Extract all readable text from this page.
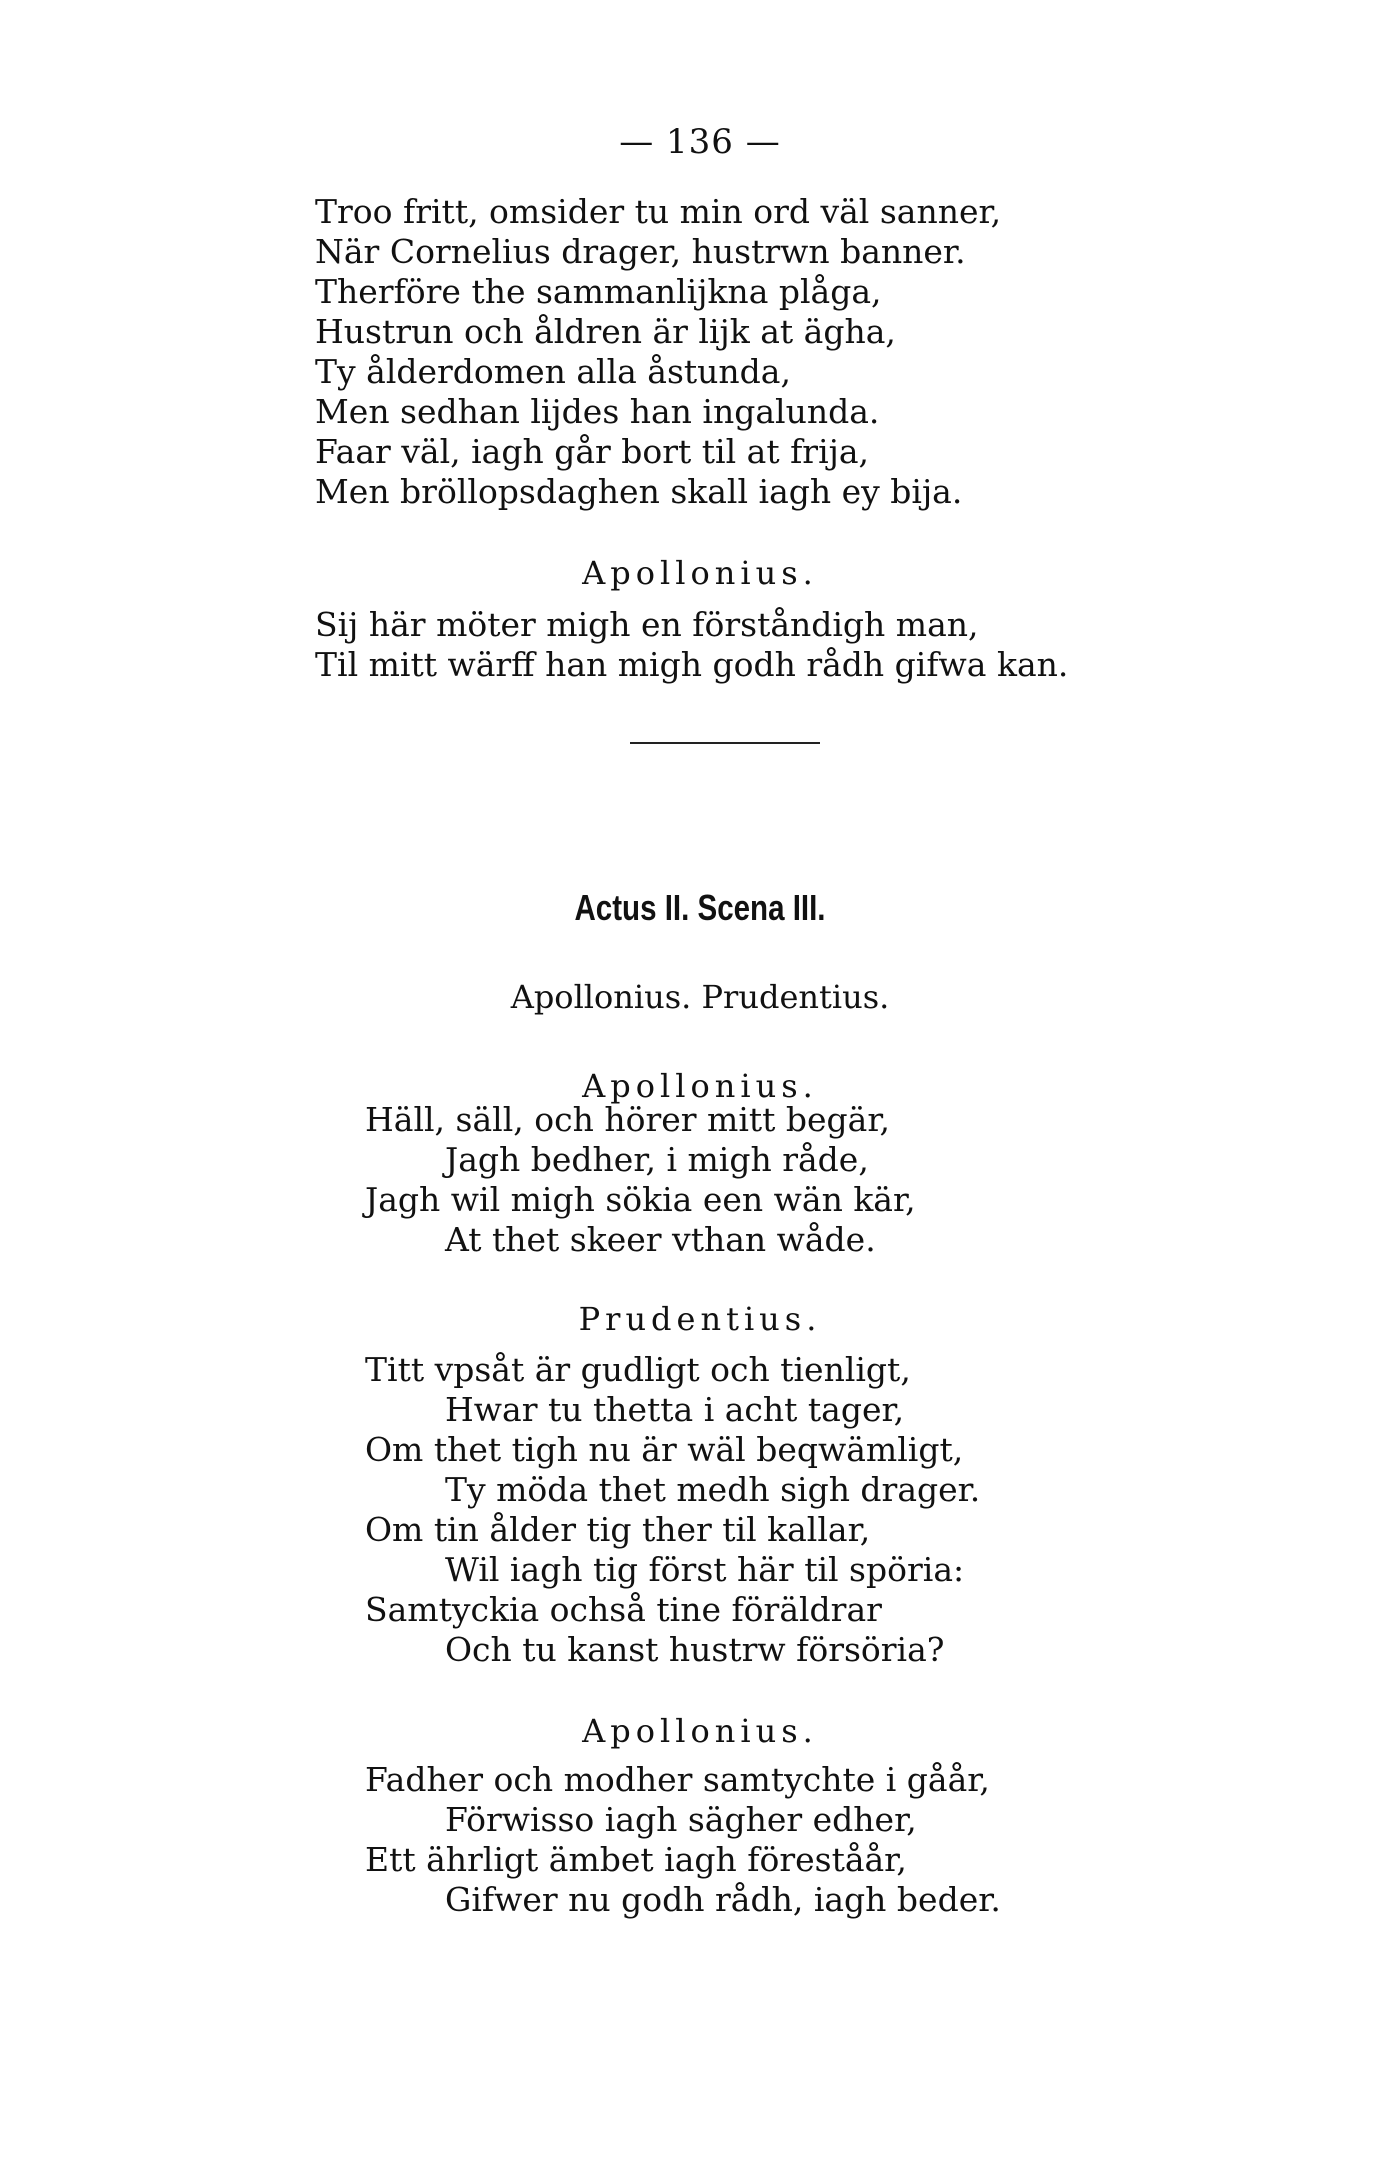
— 136 —
Troo fritt, omsider tu min ord väl sanner,
När Cornelius drager, hustrwn banner.
Therföre the sammanlijkna plåga,
Hustrun och åldren är lijk at ägha,
Ty ålderdomen alla åstunda,
Men sedhan lijdes han ingalunda.
Faar väl, iagh går bort til at frija,
Men bröllopsdaghen skall iagh ey bija.
Apollonius.
Sij här möter migh en förståndigh man,
Til mitt wärff han migh godh rådh gifwa kan.
Actus II. Scena III.
Apollonius. Prudentius.
Apollonius.
Häll, säll, och hörer mitt begär,
Jagh bedher, i migh råde,
Jagh wil migh sökia een wän kär,
At thet skeer vthan wåde.
Prudentius.
Titt vpsåt är gudligt och tienligt,
Hwar tu thetta i acht tager,
Om thet tigh nu är wäl beqwämligt,
Ty möda thet medh sigh drager.
Om tin ålder tig ther til kallar,
Wil iagh tig först här til spöria:
Samtyckia ochså tine föräldrar
Och tu kanst hustrw försöria?
Apollonius.
Fadher och modher samtychte i gåår,
Förwisso iagh sägher edher,
Ett ährligt ämbet iagh föreståår,
Gifwer nu godh rådh, iagh beder.
